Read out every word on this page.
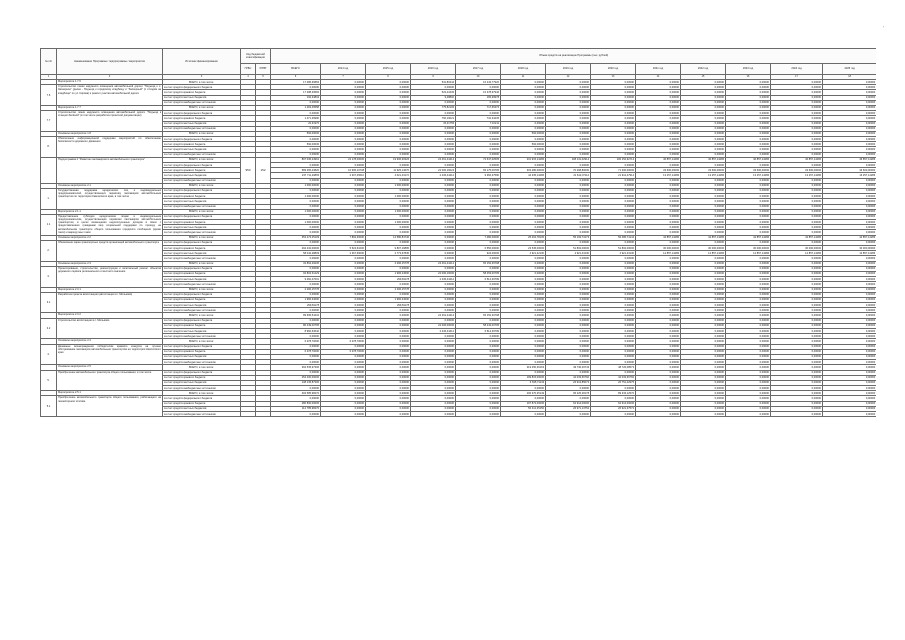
'
№ п/п	Наименование Программы / подпрограммы / мероприятия	Источник финансирования	Код бюджетной классификации		Объем средств на реализацию Программы (тыс. рублей)												
			ГРБС	РЗПР	ВСЕГО	2014 год	2015 год	2016 год	2017 год	2018 год	2019 год	2020 год	2021 год	2022 год	2023 год	2024 год	2025 год
1	2	3	4	5	6	7	8	9	10	11	12	13	14	15	16	17	18
	Мероприятие 1.7.6	ВСЕГО, в том числе:			17 486,66884	0,00000	0,00000	531,80444	16 243,77920	0,00000	0,00000	0,00000	0,00000	0,00000	0,00000	0,00000	0,00000
7.6	Строительство линии наружного освещения автомобильной дороги "Подъезд к с. Заозерное" (далее - Подъезд к городскому кладбищу и "Заозерный" (с отходом на кладбище" по ул. Кирова) и ремонт участка автомобильной дороги	за счет средств федерального бюджета			0,00000	0,00000	0,00000	0,00000	0,00000	0,00000	0,00000	0,00000	0,00000	0,00000	0,00000	0,00000	0,00000
		за счет средств краевого бюджета			17 288,39582	0,00000	0,00000	522,41636	16 378,97946	0,00000	0,00000	0,00000	0,00000	0,00000	0,00000	0,00000	0,00000
		за счет средств местных бюджетов			192,34802	0,00000	0,00000	9,48802	183,39978	0,00000	0,00000	0,00000	0,00000	0,00000	0,00000	0,00000	0,00000
		за счет средств внебюджетных источников			0,00000	0,00000	0,00000	0,00000	0,00000	0,00000	0,00000	0,00000	0,00000	0,00000	0,00000	0,00000	0,00000
	Мероприятие 1.7.7	ВСЕГО, в том числе:			1 493,49558	0,00000	0,00000	775,82106	717,66376	0,00000	0,00000	0,00000	0,00000	0,00000	0,00000	0,00000	0,00000
7.7	Строительство линии наружного освещения автомобильной дороги "Подъезд к станции Зелёной" (в том числе разработка проектной документации)	за счет средств федерального бюджета			0,00000	0,00000	0,00000	0,00000	0,00000	0,00000	0,00000	0,00000	0,00000	0,00000	0,00000	0,00000	0,00000
		за счет средств краевого бюджета			1 471,39990	0,00000	0,00000	760,19021	710,34235	0,00000	0,00000	0,00000	0,00000	0,00000	0,00000	0,00000	0,00000
		за счет средств местных бюджетов			22,31970	0,00000	0,00000	15,21755	7,10211	0,00000	0,00000	0,00000	0,00000	0,00000	0,00000	0,00000	0,00000
		за счет средств внебюджетных источников			0,00000	0,00000	0,00000	0,00000	0,00000	0,00000	0,00000	0,00000	0,00000	0,00000	0,00000	0,00000	0,00000
	Основное мероприятие 1.8	ВСЕГО, в том числе:			592,00000	0,00000	0,00000	0,00000	0,00000	592,00000	0,00000	0,00000	0,00000	0,00000	0,00000	0,00000	0,00000
8.	Обеспечение информационной поддержки мероприятий по обеспечению безопасности дорожного движения	за счет средств федерального бюджета			0,00000	0,00000	0,00000	0,00000	0,00000	0,00000	0,00000	0,00000	0,00000	0,00000	0,00000	0,00000	0,00000
		за счет средств краевого бюджета			592,00000	0,00000	0,00000	0,00000	0,00000	592,00000	0,00000	0,00000	0,00000	0,00000	0,00000	0,00000	0,00000
		за счет средств местных бюджетов			0,00000	0,00000	0,00000	0,00000	0,00000	0,00000	0,00000	0,00000	0,00000	0,00000	0,00000	0,00000	0,00000
		за счет средств внебюджетных источников			0,00000	0,00000	0,00000	0,00000	0,00000	0,00000	0,00000	0,00000	0,00000	0,00000	0,00000	0,00000	0,00000
	Подпрограмма 2 "Развитие пассажирского автомобильного транспорта"	ВСЕГО, в том числе:	953	152	897 036,24991	24 178,00000	19 906,30326	24 461,44414	74 647,02505	231 915,14286	108 131,02914	106 152,92714	46 857,14286	46 857,14286	46 857,14286	46 857,14286	46 857,14286
		за счет средств федерального бюджета			0,00000	0,00000	0,00000	0,00000	0,00000	0,00000	0,00000	0,00000	0,00000	0,00000	0,00000	0,00000	0,00000
		за счет средств краевого бюджета			589 365,43820	10 965,10738	11 925,14676	22 006,16024	65 175,09795	303 280,00000	70 268,80000	71 300,00000	33 600,00000	33 600,00000	33 600,00000	33 600,00000	33 600,00000
		за счет средств местных бюджетов			237 711,29865	2 307,45610	4 021,43172	2 445,44414	9 366,37590	44 335,14286	21 642,07114	21 912,47914	13 257,14286	13 257,14286	13 257,14286	13 257,14286	13 257,14286
		за счет средств внебюджетных источников			0,00000	0,00000	0,00000	0,00000	0,00000	0,00000	0,00000	0,00000	0,00000	0,00000	0,00000	0,00000	0,00000
	Основное мероприятие 2.1	ВСЕГО, в том числе:			1 000,00000	0,00000	1 000,00000	0,00000	0,00000	0,00000	0,00000	0,00000	0,00000	0,00000	0,00000	0,00000	0,00000
1.	Государственная поддержка юридических лиц и индивидуальных предпринимателей, осуществляющих перевозку пассажиров автомобильным транспортом по территории Камчатского края, в том числе	за счет средств федерального бюджета			0,00000	0,00000	0,00000	0,00000	0,00000	0,00000	0,00000	0,00000	0,00000	0,00000	0,00000	0,00000	0,00000
		за счет средств краевого бюджета			1 000,00000	0,00000	1 000,00000	0,00000	0,00000	0,00000	0,00000	0,00000	0,00000	0,00000	0,00000	0,00000	0,00000
		за счет средств местных бюджетов			0,00000	0,00000	0,00000	0,00000	0,00000	0,00000	0,00000	0,00000	0,00000	0,00000	0,00000	0,00000	0,00000
		за счет средств внебюджетных источников			0,00000	0,00000	0,00000	0,00000	0,00000	0,00000	0,00000	0,00000	0,00000	0,00000	0,00000	0,00000	0,00000
	Мероприятие 2.1.1	ВСЕГО, в том числе:			1 000,00000	0,00000	1 000,00000	0,00000	0,00000	0,00000	0,00000	0,00000	0,00000	0,00000	0,00000	0,00000	0,00000
1.1	Предоставление субсидии юридическим лицам и индивидуальным предпринимателям, осуществляющим перевозки пассажиров автомобильным транспортом, в целях возмещения недополученных доходов в связи с предоставлением гражданам мер социальной поддержки по проезду на автомобильном транспорте общего пользования городского сообщения (кроме такси) и маршрутных такси	за счет средств федерального бюджета			0,00000	0,00000	0,00000	0,00000	0,00000	0,00000	0,00000	0,00000	0,00000	0,00000	0,00000	0,00000	0,00000
		за счет средств краевого бюджета			1 000,00000	0,00000	1 000,00000	0,00000	0,00000	0,00000	0,00000	0,00000	0,00000	0,00000	0,00000	0,00000	0,00000
		за счет средств местных бюджетов			0,00000	0,00000	0,00000	0,00000	0,00000	0,00000	0,00000	0,00000	0,00000	0,00000	0,00000	0,00000	0,00000
		за счет средств внебюджетных источников			0,00000	0,00000	0,00000	0,00000	0,00000	0,00000	0,00000	0,00000	0,00000	0,00000	0,00000	0,00000	0,00000
	Основное мероприятие 2.2	ВСЕГО, в том числе:			353 473,25109	7 892,30000	12 580,84740	0,00000	7 480,00000	25 464,78130	55 193,73173	56 486,74144	42 857,14286	42 857,14286	42 857,14286	42 857,14286	42 857,14286
2.	Обновление парка транспортных средств организаций автомобильного транспорта	за счет средств федерального бюджета			0,00000	0,00000	0,00000	0,00000	0,00000	0,00000	0,00000	0,00000	0,00000	0,00000	0,00000	0,00000	0,00000
		за счет средств краевого бюджета			294 432,00000	5 524,61000	9 807,16895	0,00000	6 556,00000	23 545,00000	51 802,00000	51 802,00000	30 000,00000	30 000,00000	30 000,00000	30 000,00000	30 000,00000
		за счет средств местных бюджетов			58 042,28809	2 367,69000	2 773,67845	0,00000	924,00000	4 921,42130	4 921,43130	4 921,43130	12 857,14286	12 857,14286	12 857,14286	12 857,14286	12 857,14286
		за счет средств внебюджетных источников			0,00000	0,00000	0,00000	0,00000	0,00000	0,00000	0,00000	0,00000	0,00000	0,00000	0,00000	0,00000	0,00000
	Основное мероприятие 2.3	ВСЕГО, в том числе:			32 864,29230	0,00000	2 296,15778	24 461,44414	65 152,39798	0,00000	0,00000	0,00000	0,00000	0,00000	0,00000	0,00000	0,00000
3.	Проектирование, строительство, реконструкция и капитальный ремонт объектов дорожного сервиса регионального и местного значения	за счет средств федерального бюджета			0,00000	0,00000	0,00000	0,00000	0,00000	0,00000	0,00000	0,00000	0,00000	0,00000	0,00000	0,00000	0,00000
		за счет средств краевого бюджета			92 804,31229	0,00000	1 996,24600	22 006,16000	58 453,00795	0,00000	0,00000	0,00000	0,00000	0,00000	0,00000	0,00000	0,00000
		за счет средств местных бюджетов			9 260,47601	0,00000	299,81178	2 445,44414	6 514,39799	0,00000	0,00000	0,00000	0,00000	0,00000	0,00000	0,00000	0,00000
		за счет средств внебюджетных источников			0,00000	0,00000	0,00000	0,00000	0,00000	0,00000	0,00000	0,00000	0,00000	0,00000	0,00000	0,00000	0,00000
	Мероприятие 2.3.1	ВСЕГО, в том числе:			2 296,15778	0,00000	2 296,15778	0,00000	0,00000	0,00000	0,00000	0,00000	0,00000	0,00000	0,00000	0,00000	0,00000
3.1	Разработка проекта автостанции (автостанции в г. Мильково)	за счет средств федерального бюджета			0,00000	0,00000	0,00000	0,00000	0,00000	0,00000	0,00000	0,00000	0,00000	0,00000	0,00000	0,00000	0,00000
		за счет средств краевого бюджета			1 996,34600	0,00000	1 996,34600	0,00000	0,00000	0,00000	0,00000	0,00000	0,00000	0,00000	0,00000	0,00000	0,00000
		за счет средств местных бюджетов			299,81178	0,00000	299,81178	0,00000	0,00000	0,00000	0,00000	0,00000	0,00000	0,00000	0,00000	0,00000	0,00000
		за счет средств внебюджетных источников			0,00000	0,00000	0,00000	0,00000	0,00000	0,00000	0,00000	0,00000	0,00000	0,00000	0,00000	0,00000	0,00000
	Мероприятие 2.3.2	ВСЕГО, в том числе:			89 695,54432	0,00000	0,00000	24 461,44414	65 152,39798	0,00000	0,00000	0,00000	0,00000	0,00000	0,00000	0,00000	0,00000
3.2	Строительство автостанции в с. Мильково	за счет средств федерального бюджета			0,00000	0,00000	0,00000	0,00000	0,00000	0,00000	0,00000	0,00000	0,00000	0,00000	0,00000	0,00000	0,00000
		за счет средств краевого бюджета			80 449,00795	0,00000	0,00000	22 006,00000	58 443,00795	0,00000	0,00000	0,00000	0,00000	0,00000	0,00000	0,00000	0,00000
		за счет средств местных бюджетов			8 960,63642	0,00000	0,00000	2 445,44414	6 514,39799	0,00000	0,00000	0,00000	0,00000	0,00000	0,00000	0,00000	0,00000
		за счет средств внебюджетных источников			0,00000	0,00000	0,00000	0,00000	0,00000	0,00000	0,00000	0,00000	0,00000	0,00000	0,00000	0,00000	0,00000
	Основное мероприятие 2.4	ВСЕГО, в том числе:			6 278,70000	6 278,70000	0,00000	0,00000	0,00000	0,00000	0,00000	0,00000	0,00000	0,00000	0,00000	0,00000	0,00000
4.	Денежные вознаграждения победителям краевого конкурса на лучшее обслуживание пассажиров автомобильным транспортом на территории Камчатского края	за счет средств федерального бюджета			0,00000	0,00000	0,00000	0,00000	0,00000	0,00000	0,00000	0,00000	0,00000	0,00000	0,00000	0,00000	0,00000
		за счет средств краевого бюджета			6 278,70000	6 278,70000	0,00000	0,00000	0,00000	0,00000	0,00000	0,00000	0,00000	0,00000	0,00000	0,00000	0,00000
		за счет средств местных бюджетов			0,00000	0,00000	0,00000	0,00000	0,00000	0,00000	0,00000	0,00000	0,00000	0,00000	0,00000	0,00000	0,00000
		за счет средств внебюджетных источников			0,00000	0,00000	0,00000	0,00000	0,00000	0,00000	0,00000	0,00000	0,00000	0,00000	0,00000	0,00000	0,00000
	Основное мероприятие 2.5	ВСЕГО, в том числе:			394 535,97300	0,00000	0,00000	0,00000	0,00000	219 450,36163	49 736,49743	48 726,08573	0,00000	0,00000	0,00000	0,00000	0,00000
5.	Приобретение автомобильного транспорта общего пользования, в том числе	за счет средств федерального бюджета			0,00000	0,00000	0,00000	0,00000	0,00000	0,00000	0,00000	0,00000	0,00000	0,00000	0,00000	0,00000	0,00000
		за счет средств краевого бюджета			254 400,00000	0,00000	0,00000	0,00000	0,00000	199 815,00000	42 033,66760	42 033,66760	0,00000	0,00000	0,00000	0,00000	0,00000
		за счет средств местных бюджетов			138 135,87300	0,00000	0,00000	0,00000	0,00000	6 635,71143	26 913,85073	26 751,42975	0,00000	0,00000	0,00000	0,00000	0,00000
		за счет средств внебюджетных источников			0,00000	0,00000	0,00000	0,00000	0,00000	0,00000	0,00000	0,00000	0,00000	0,00000	0,00000	0,00000	0,00000
	Мероприятие 2.5.1	ВСЕГО, в том числе:			393 585,98270	0,00000	0,00000	0,00000	0,00000	206 370,35149	95 225,28178	89 333,12570	0,00000	0,00000	0,00000	0,00000	0,00000
5.1	Приобретение автомобильного транспорта общего пользования, работающего на газомоторном топливе	за счет средств федерального бюджета			0,00000	0,00000	0,00000	0,00000	0,00000	0,00000	0,00000	0,00000	0,00000	0,00000	0,00000	0,00000	0,00000
		за счет средств краевого бюджета			280 800,00000	0,00000	0,00000	0,00000	0,00000	197 874,00000	62 914,00000	62 914,00000	0,00000	0,00000	0,00000	0,00000	0,00000
		за счет средств местных бюджетов			112 785,98270	0,00000	0,00000	0,00000	0,00000	56 412,35150	26 971,13752	26 921,37572	0,00000	0,00000	0,00000	0,00000	0,00000
		за счет средств внебюджетных источников			0,00000	0,00000	0,00000	0,00000	0,00000	0,00000	0,00000	0,00000	0,00000	0,00000	0,00000	0,00000	0,00000
